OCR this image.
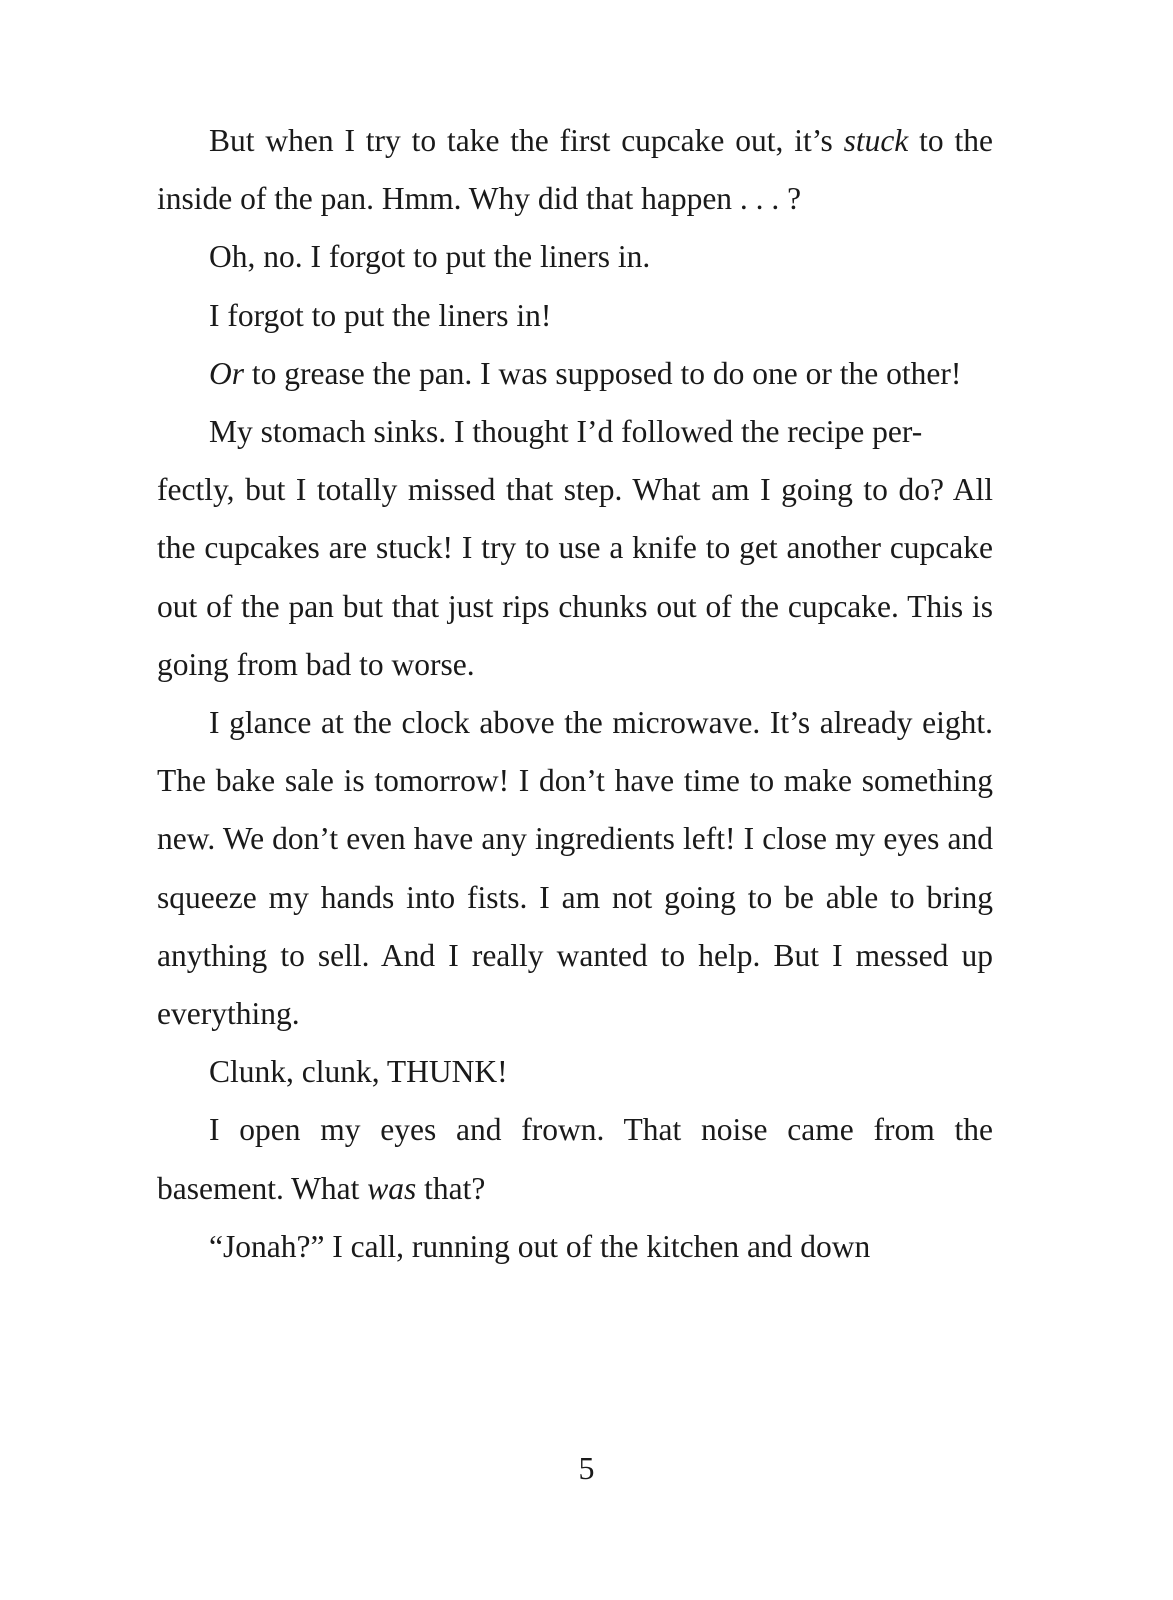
But when I try to take the first cupcake out, it’s stuck to the inside of the pan. Hmm. Why did that happen . . . ?

Oh, no. I forgot to put the liners in.

I forgot to put the liners in!

Or to grease the pan. I was supposed to do one or the other!

My stomach sinks. I thought I’d followed the recipe per-
fectly, but I totally missed that step. What am I going to do? All the cupcakes are stuck! I try to use a knife to get another cupcake out of the pan but that just rips chunks out of the cupcake. This is going from bad to worse.

I glance at the clock above the microwave. It’s already eight. The bake sale is tomorrow! I don’t have time to make something new. We don’t even have any ingredients left! I close my eyes and squeeze my hands into fists. I am not going to be able to bring anything to sell. And I really wanted to help. But I messed up everything.

Clunk, clunk, THUNK!

I open my eyes and frown. That noise came from the basement. What was that?

“Jonah?” I call, running out of the kitchen and down

5
